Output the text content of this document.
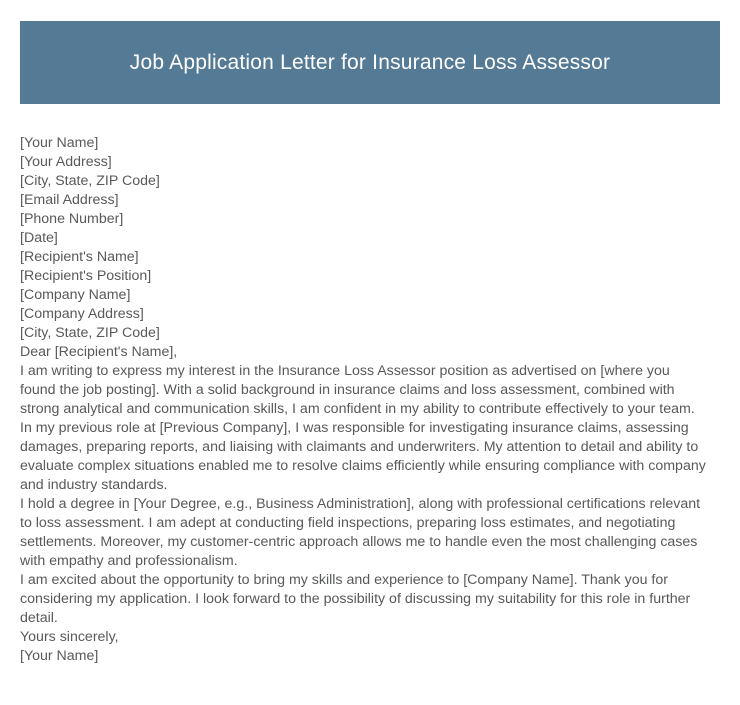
Job Application Letter for Insurance Loss Assessor
[Your Name]
[Your Address]
[City, State, ZIP Code]
[Email Address]
[Phone Number]
[Date]
[Recipient's Name]
[Recipient's Position]
[Company Name]
[Company Address]
[City, State, ZIP Code]
Dear [Recipient's Name],

I am writing to express my interest in the Insurance Loss Assessor position as advertised on [where you found the job posting]. With a solid background in insurance claims and loss assessment, combined with strong analytical and communication skills, I am confident in my ability to contribute effectively to your team.

In my previous role at [Previous Company], I was responsible for investigating insurance claims, assessing damages, preparing reports, and liaising with claimants and underwriters. My attention to detail and ability to evaluate complex situations enabled me to resolve claims efficiently while ensuring compliance with company and industry standards.

I hold a degree in [Your Degree, e.g., Business Administration], along with professional certifications relevant to loss assessment. I am adept at conducting field inspections, preparing loss estimates, and negotiating settlements. Moreover, my customer-centric approach allows me to handle even the most challenging cases with empathy and professionalism.

I am excited about the opportunity to bring my skills and experience to [Company Name]. Thank you for considering my application. I look forward to the possibility of discussing my suitability for this role in further detail.

Yours sincerely,
[Your Name]
